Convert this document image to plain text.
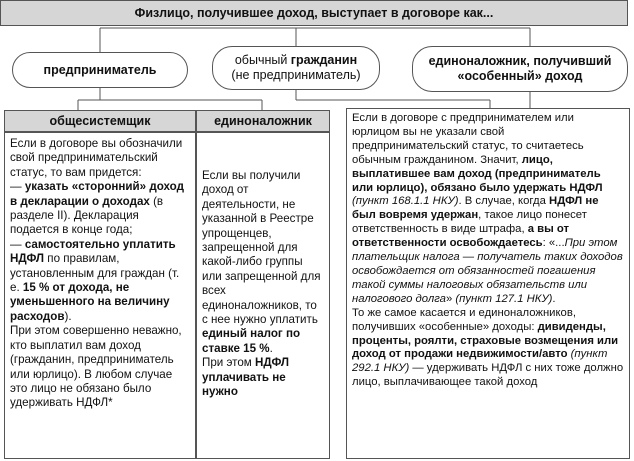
Физлицо, получившее доход, выступает в договоре как...
предприниматель
обычный гражданин
(не предприниматель)
единоналожник, получивший
«особенный» доход
общесистемщик	единоналожник

Если в договоре вы обозначили свой предпринимательский статус, то вам придется:

— указать «сторонний» доход в декларации о доходах (в разделе II). Декларация подается в конце года;

— самостоятельно уплатить НДФЛ по правилам, установленным для граждан (т. е. 15 % от дохода, не уменьшенного на величину расходов).

При этом совершенно неважно, кто выплатил вам доход (гражданин, предприниматель или юрлицо). В любом случае это лицо не обязано было удерживать НДФЛ*

Если вы получили доход от деятельности, не указанной в Реестре упрощенцев, запрещенной для какой-либо группы или запрещенной для всех единоналожников, то с нее нужно уплатить единый налог по ставке 15 %.

При этом НДФЛ уплачивать не нужно

Если в договоре с предпринимателем или юрлицом вы не указали свой предпринимательский статус, то считаетесь обычным гражданином. Значит, лицо, выплатившее вам доход (предприниматель или юрлицо), обязано было удержать НДФЛ (пункт 168.1.1 НКУ). В случае, когда НДФЛ не был вовремя удержан, такое лицо понесет ответственность в виде штрафа, а вы от ответственности освобождаетесь: «...При этом плательщик налога — получатель таких доходов освобождается от обязанностей погашения такой суммы налоговых обязательств или налогового долга» (пункт 127.1 НКУ).

То же самое касается и единоналожников, получивших «особенные» доходы: дивиденды, проценты, роялти, страховые возмещения или доход от продажи недвижимости/авто (пункт 292.1 НКУ) — удерживать НДФЛ с них тоже должно лицо, выплачивающее такой доход
